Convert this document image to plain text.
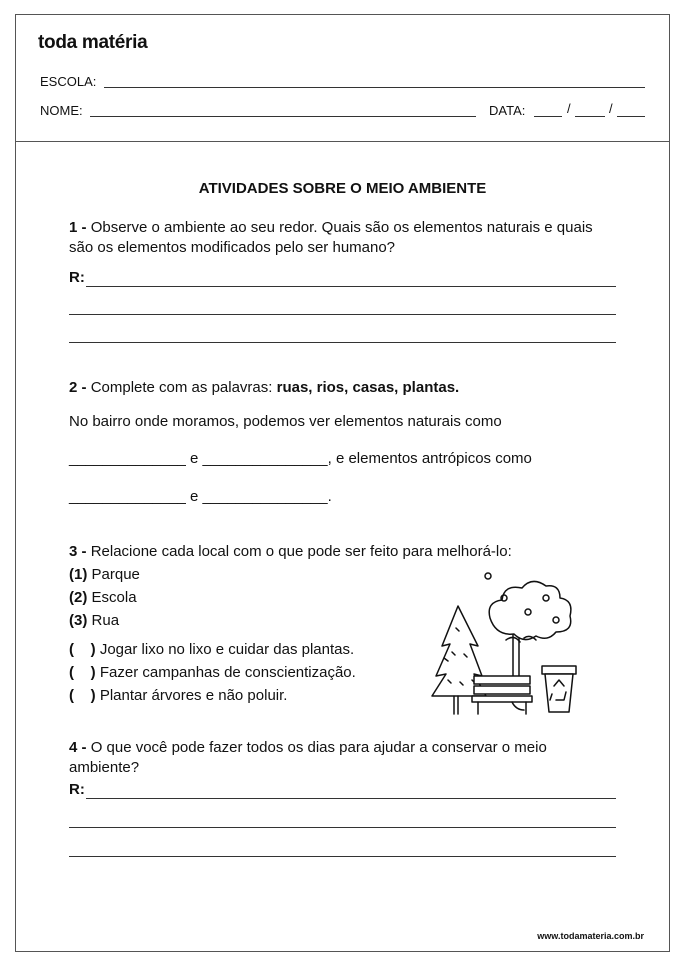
toda matéria
ESCOLA:
NOME:	DATA:	/	/
ATIVIDADES SOBRE O MEIO AMBIENTE
1 - Observe o ambiente ao seu redor. Quais são os elementos naturais e quais são os elementos modificados pelo ser humano?
R:
2 - Complete com as palavras: ruas, rios, casas, plantas.
No bairro onde moramos, podemos ver elementos naturais como
______________ e _______________, e elementos antrópicos como
______________ e _______________.
3 - Relacione cada local com o que pode ser feito para melhorá-lo:
(1) Parque
(2) Escola
(3) Rua
(    ) Jogar lixo no lixo e cuidar das plantas.
(    ) Fazer campanhas de conscientização.
(    ) Plantar árvores e não poluir.
4 - O que você pode fazer todos os dias para ajudar a conservar o meio ambiente?
R:
www.todamateria.com.br
